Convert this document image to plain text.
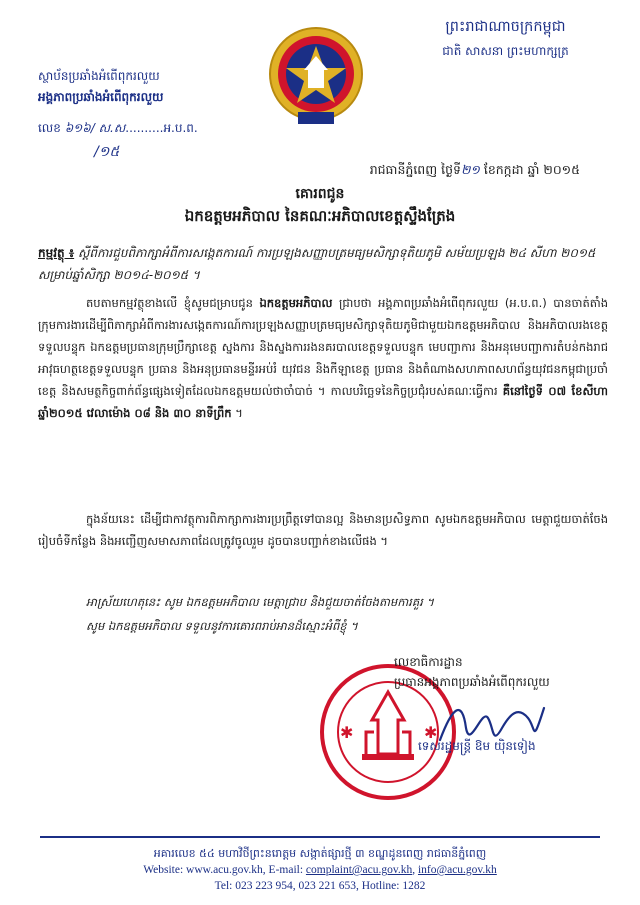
ព្រះរាជាណាចក្រកម្ពុជា
ជាតិ សាសនា ព្រះមហាក្សត្រ
ស្ថាប័នប្រឆាំងអំពើពុករលួយ
អង្គភាពប្រឆាំងអំពើពុករលួយ
លេខ ៦១៦/ ស.ស..........អ.ប.ព.
/១៥
រាជធានីភ្នំពេញ ថ្ងៃទី២១ ខែកក្កដា ឆ្នាំ ២០១៥
គោរពជូន
ឯកឧត្តមអភិបាល នៃគណៈអភិបាលខេត្តស្ទឹងត្រែង
កម្មវត្ថុ ៖ ស្តីពីការជួបពិភាក្សាអំពីការសង្កេតការណ៍ ការប្រឡងសញ្ញាបត្រមធ្យមសិក្សាទុតិយភូមិ សម័យប្រឡង ២៤ សីហា ២០១៥ សម្រាប់ឆ្នាំសិក្សា ២០១៤-២០១៥ ។
តបតាមកម្មវត្ថុខាងលើ ខ្ញុំសូមជម្រាបជូន ឯកឧត្តមអភិបាល ជ្រាបថា អង្គភាពប្រឆាំងអំពើពុករលួយ (អ.ប.ព.) បានចាត់តាំងក្រុមការងារដើម្បីពិភាក្សាអំពីការងារសង្កេតការណ៍ការប្រឡងសញ្ញាបត្រមធ្យមសិក្សាទុតិយភូមិជាមួយឯកឧត្តមអភិបាល និងអភិបាលរងខេត្តទទួលបន្ទុក ឯកឧត្តមប្រធានក្រុមប្រឹក្សាខេត្ត ស្នងការ និងស្នងការរងនគរបាលខេត្តទទួលបន្ទុក មេបញ្ជាការ និងអនុមេបញ្ជាការតំបន់កងរាជអាវុធហត្ថខេត្តទទួលបន្ទុក ប្រធាន និងអនុប្រធានមន្ទីរអប់រំ យុវជន និងកីឡាខេត្ត ប្រធាន និងតំណាងសហភាពសហព័ន្ធយុវជនកម្ពុជាប្រចាំខេត្ត និងសមត្ថកិច្ចពាក់ព័ន្ធផ្សេងទៀតដែលឯកឧត្តមយល់ថាចាំបាច់ ។ កាលបរិច្ឆេទនៃកិច្ចប្រជុំរបស់គណៈធ្វើការ គឺនៅថ្ងៃទី ០៧ ខែសីហា ឆ្នាំ២០១៥ វេលាម៉ោង ០៨ និង ៣០ នាទីព្រឹក ។
ក្នុងន័យនេះ ដើម្បីជាកាវត្ថុការពិភាក្សាការងារប្រព្រឹត្តទៅបានល្អ និងមានប្រសិទ្ធភាព សូមឯកឧត្តមអភិបាល មេត្តាជួយចាត់ចែងរៀបចំទីកន្លែង និងអញ្ជើញសមាសភាពដែលត្រូវចូលរួម ដូចបានបញ្ជាក់ខាងលើផង ។
អាស្រ័យហេតុនេះ សូម ឯកឧត្តមអភិបាល មេត្តាជ្រាប និងជួយចាត់ចែងតាមការគួរ ។
សូម ឯកឧត្តមអភិបាល ទទួលនូវការគោរពរាប់អានដ៏ស្មោះអំពីខ្ញុំ ។
✱	✱
លេខាធិការដ្ឋាន
ប្រធានអង្គភាពប្រឆាំងអំពើពុករលួយ
ទេសរដ្ឋមន្ត្រី ឱម យ៉ិនទៀង
អគារលេខ ៥៤ មហាវិថីព្រះនរោត្តម សង្កាត់ផ្សារថ្មី ៣ ខណ្ឌដូនពេញ រាជធានីភ្នំពេញ
Website: www.acu.gov.kh, E-mail: complaint@acu.gov.kh, info@acu.gov.kh
Tel: 023 223 954, 023 221 653, Hotline: 1282
